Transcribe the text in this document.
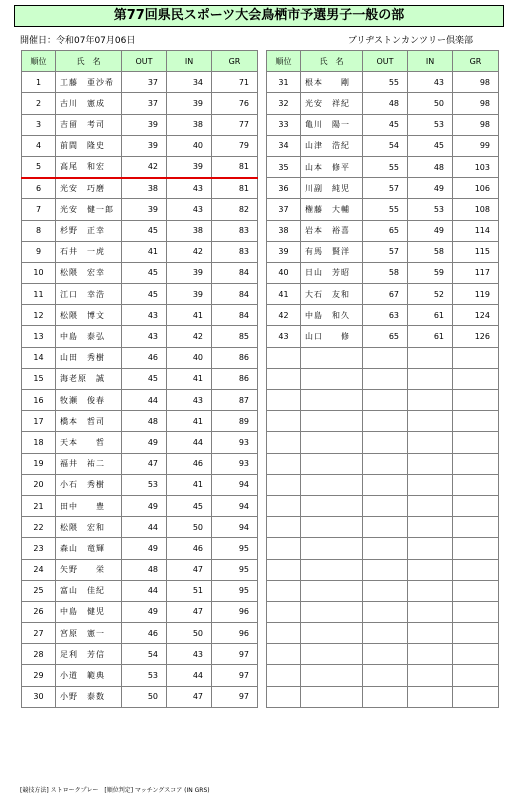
第77回県民スポーツ大会鳥栖市予選男子一般の部
開催日：令和07年07月06日	ブリヂストンカンツリー倶楽部
順位	氏　名	OUT	IN	GR
1	工藤　亜沙希	37	34	71
2	古川　憲成	37	39	76
3	吉留　考司	39	38	77
4	前間　隆史	39	40	79
5	高尾　和宏	42	39	81
6	光安　巧磨	38	43	81
7	光安　健一郎	39	43	82
8	杉野　正幸	45	38	83
9	石井　一虎	41	42	83
10	松隈　宏幸	45	39	84
11	江口　幸浩	45	39	84
12	松隈　博文	43	41	84
13	中島　泰弘	43	42	85
14	山田　秀樹	46	40	86
15	海老原　誠	45	41	86
16	牧瀬　俊春	44	43	87
17	橋本　哲司	48	41	89
18	天本　　哲	49	44	93
19	福井　祐二	47	46	93
20	小石　秀樹	53	41	94
21	田中　　豊	49	45	94
22	松隈　宏和	44	50	94
23	森山　竜輝	49	46	95
24	矢野　　栄	48	47	95
25	富山　佳紀	44	51	95
26	中島　健児	49	47	96
27	宮原　憲一	46	50	96
28	足利　芳信	54	43	97
29	小道　範典	53	44	97
30	小野　泰数	50	47	97
順位	氏　名	OUT	IN	GR
31	根本　　剛	55	43	98
32	光安　祥紀	48	50	98
33	亀川　陽一	45	53	98
34	山津　浩紀	54	45	99
35	山本　修平	55	48	103
36	川副　純児	57	49	106
37	権藤　大輔	55	53	108
38	岩本　裕喜	65	49	114
39	有馬　賢洋	57	58	115
40	日山　芳昭	58	59	117
41	大石　友和	67	52	119
42	中島　和久	63	61	124
43	山口　　修	65	61	126

[競技方法] ストロークプレー　[順位判定] マッチングスコア (IN GRS)
